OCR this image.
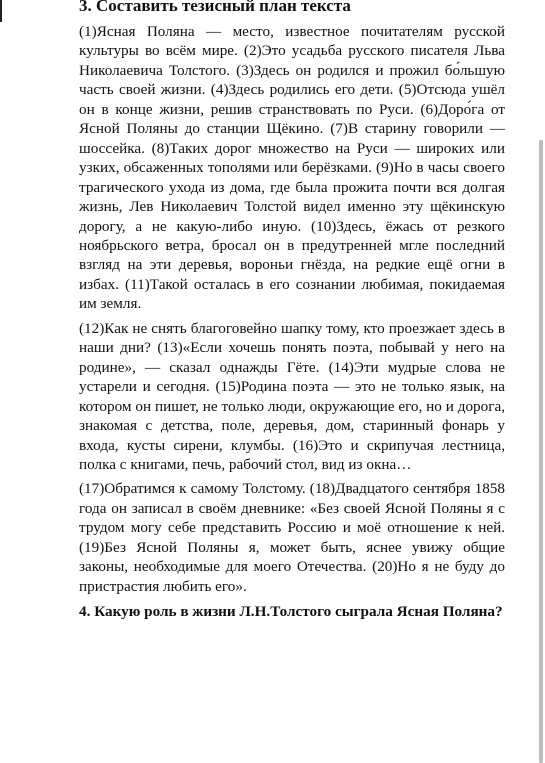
3. Составить тезисный план текста

(1)Ясная Поляна — место, известное почитателям русской культуры во всём мире. (2)Это усадьба русского писателя Льва Николаевича Толстого. (3)Здесь он родился и прожил бо́льшую часть своей жизни. (4)Здесь родились его дети. (5)Отсюда ушёл он в конце жизни, решив странствовать по Руси. (6)Доро́га от Ясной Поляны до станции Щёкино. (7)В старину говорили — шоссейка. (8)Таких дорог множество на Руси — широких или узких, обсаженных тополями или берёзками. (9)Но в часы своего трагического ухода из дома, где была прожита почти вся долгая жизнь, Лев Николаевич Толстой видел именно эту щёкинскую дорогу, а не какую-либо иную. (10)Здесь, ёжась от резкого ноябрьского ветра, бросал он в предутренней мгле последний взгляд на эти деревья, вороньи гнёзда, на редкие ещё огни в избах. (11)Такой осталась в его сознании любимая, покидаемая им земля.

(12)Как не снять благоговейно шапку тому, кто проезжает здесь в наши дни? (13)«Если хочешь понять поэта, побывай у него на родине», — сказал однажды Гёте. (14)Эти мудрые слова не устарели и сегодня. (15)Родина поэта — это не только язык, на котором он пишет, не только люди, окружающие его, но и дорога, знакомая с детства, поле, деревья, дом, старинный фонарь у входа, кусты сирени, клумбы. (16)Это и скрипучая лестница, полка с книгами, печь, рабочий стол, вид из окна…

(17)Обратимся к самому Толстому. (18)Двадцатого сентября 1858 года он записал в своём дневнике: «Без своей Ясной Поляны я с трудом могу себе представить Россию и моё отношение к ней. (19)Без Ясной Поляны я, может быть, яснее увижу общие законы, необходимые для моего Отечества. (20)Но я не буду до пристрастия любить его».

4. Какую роль в жизни Л.Н.Толстого сыграла Ясная Поляна?
